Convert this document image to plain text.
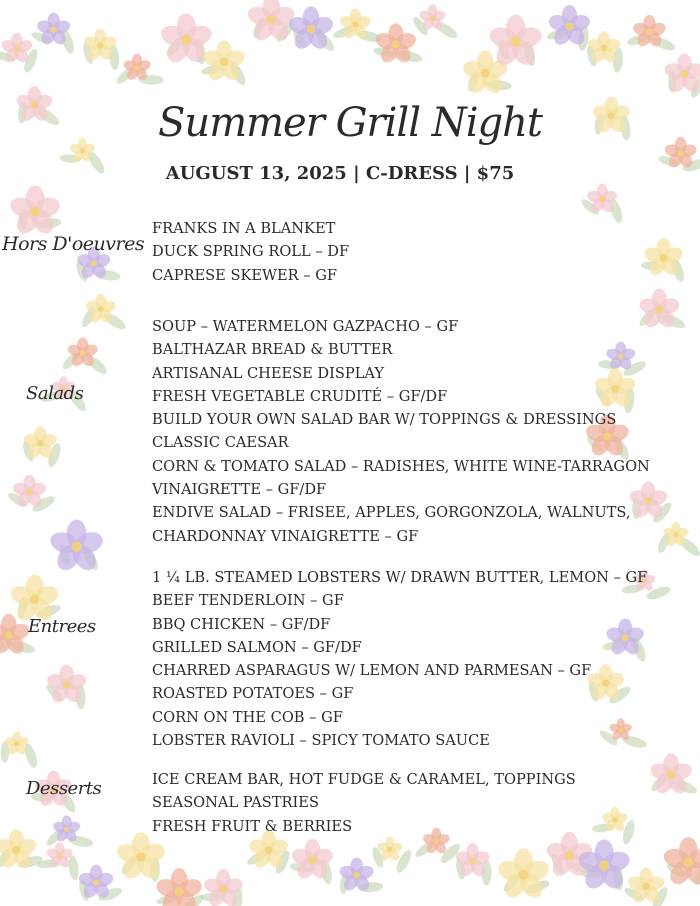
Summer Grill Night
AUGUST 13, 2025 | C-DRESS | $75
Hors D'oeuvres
FRANKS IN A BLANKET
DUCK SPRING ROLL – DF
CAPRESE SKEWER – GF
Salads
SOUP – WATERMELON GAZPACHO – GF
BALTHAZAR BREAD & BUTTER
ARTISANAL CHEESE DISPLAY
FRESH VEGETABLE CRUDITÉ – GF/DF
BUILD YOUR OWN SALAD BAR W/ TOPPINGS & DRESSINGS
CLASSIC CAESAR
CORN & TOMATO SALAD – RADISHES, WHITE WINE-TARRAGON
VINAIGRETTE – GF/DF
ENDIVE SALAD – FRISEE, APPLES, GORGONZOLA, WALNUTS,
CHARDONNAY VINAIGRETTE – GF
Entrees
1 ¼ LB. STEAMED LOBSTERS W/ DRAWN BUTTER, LEMON – GF
BEEF TENDERLOIN – GF
BBQ CHICKEN – GF/DF
GRILLED SALMON – GF/DF
CHARRED ASPARAGUS W/ LEMON AND PARMESAN – GF
ROASTED POTATOES – GF
CORN ON THE COB – GF
LOBSTER RAVIOLI – SPICY TOMATO SAUCE
Desserts	ICE CREAM BAR, HOT FUDGE & CARAMEL, TOPPINGS
SEASONAL PASTRIES
FRESH FRUIT & BERRIES
